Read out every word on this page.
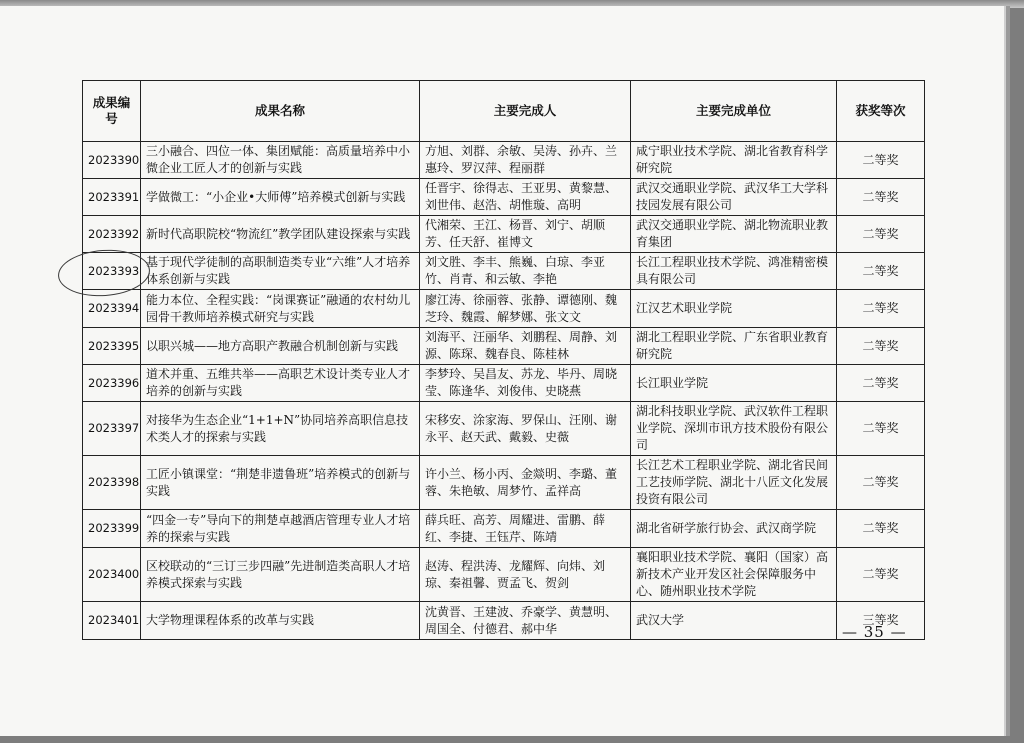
成果编号	成果名称	主要完成人	主要完成单位	获奖等次
2023390	三小融合、四位一体、集团赋能：高质量培养中小微企业工匠人才的创新与实践	方旭、刘群、余敏、吴涛、孙卉、兰惠玲、罗汉萍、程丽群	咸宁职业技术学院、湖北省教育科学研究院	二等奖
2023391	学做微工：“小企业•大师傅”培养模式创新与实践	任晋宇、徐得志、王亚男、黄黎慧、刘世伟、赵浩、胡惟璇、高明	武汉交通职业学院、武汉华工大学科技园发展有限公司	二等奖
2023392	新时代高职院校“物流红”教学团队建设探索与实践	代湘荣、王江、杨晋、刘宁、胡顺芳、任天舒、崔博文	武汉交通职业学院、湖北物流职业教育集团	二等奖
2023393	基于现代学徒制的高职制造类专业“六维”人才培养体系创新与实践	刘文胜、李丰、熊巍、白琼、李亚竹、肖青、和云敏、李艳	长江工程职业技术学院、鸿准精密模具有限公司	二等奖
2023394	能力本位、全程实践：“岗课赛证”融通的农村幼儿园骨干教师培养模式研究与实践	廖江涛、徐丽蓉、张静、谭德刚、魏芝玲、魏霞、解梦娜、张文文	江汉艺术职业学院	二等奖
2023395	以职兴城——地方高职产教融合机制创新与实践	刘海平、汪丽华、刘鹏程、周静、刘源、陈琛、魏春良、陈桂林	湖北工程职业学院、广东省职业教育研究院	二等奖
2023396	道术并重、五维共举——高职艺术设计类专业人才培养的创新与实践	李梦玲、吴昌友、苏龙、毕丹、周晓莹、陈逢华、刘俊伟、史晓燕	长江职业学院	二等奖
2023397	对接华为生态企业“1+1+N”协同培养高职信息技术类人才的探索与实践	宋移安、涂家海、罗保山、汪刚、谢永平、赵天武、戴毅、史薇	湖北科技职业学院、武汉软件工程职业学院、深圳市讯方技术股份有限公司	二等奖
2023398	工匠小镇课堂：“荆楚非遗鲁班”培养模式的创新与实践	许小兰、杨小丙、金燚明、李璐、董蓉、朱艳敏、周梦竹、孟祥高	长江艺术工程职业学院、湖北省民间工艺技师学院、湖北十八匠文化发展投资有限公司	二等奖
2023399	“四金一专”导向下的荆楚卓越酒店管理专业人才培养的探索与实践	薛兵旺、高芳、周耀进、雷鹏、薛红、李捷、王钰芹、陈靖	湖北省研学旅行协会、武汉商学院	二等奖
2023400	区校联动的“三订三步四融”先进制造类高职人才培养模式探索与实践	赵涛、程洪涛、龙耀辉、向炜、刘琼、秦祖馨、贾孟飞、贺剑	襄阳职业技术学院、襄阳（国家）高新技术产业开发区社会保障服务中心、随州职业技术学院	二等奖
2023401	大学物理课程体系的改革与实践	沈黄晋、王建波、乔豪学、黄慧明、周国全、付德君、郝中华	武汉大学	三等奖
— 35 —
